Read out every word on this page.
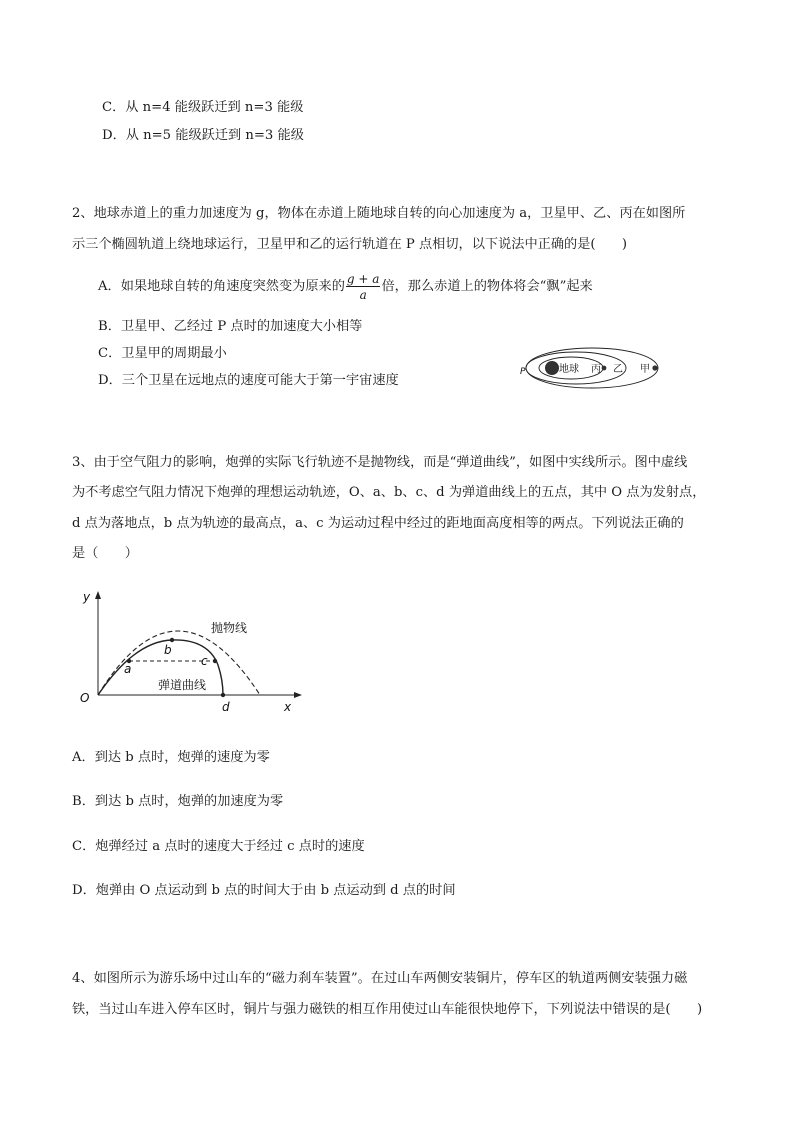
C．从 n=4 能级跃迁到 n=3 能级
D．从 n=5 能级跃迁到 n=3 能级
2、地球赤道上的重力加速度为 g，物体在赤道上随地球自转的向心加速度为 a，卫星甲、乙、丙在如图所
示三个椭圆轨道上绕地球运行，卫星甲和乙的运行轨道在 P 点相切，以下说法中正确的是(　　)
A．如果地球自转的角速度突然变为原来的 $\frac{g + a}{a}$ 倍，那么赤道上的物体将会“飘”起来
B．卫星甲、乙经过 P 点时的加速度大小相等
C．卫星甲的周期最小
D．三个卫星在远地点的速度可能大于第一宇宙速度
地球 丙 乙 甲
P
3、由于空气阻力的影响，炮弹的实际飞行轨迹不是抛物线，而是“弹道曲线”，如图中实线所示。图中虚线
为不考虑空气阻力情况下炮弹的理想运动轨迹，O、a、b、c、d 为弹道曲线上的五点，其中 O 点为发射点，
d 点为落地点，b 点为轨迹的最高点，a、c 为运动过程中经过的距地面高度相等的两点。下列说法正确的
是（　　）
y
x
O
a
b
c
d
抛物线
弹道曲线
A．到达 b 点时，炮弹的速度为零
B．到达 b 点时，炮弹的加速度为零
C．炮弹经过 a 点时的速度大于经过 c 点时的速度
D．炮弹由 O 点运动到 b 点的时间大于由 b 点运动到 d 点的时间
4、如图所示为游乐场中过山车的“磁力刹车装置”。在过山车两侧安装铜片，停车区的轨道两侧安装强力磁
铁，当过山车进入停车区时，铜片与强力磁铁的相互作用使过山车能很快地停下，下列说法中错误的是(　　)
